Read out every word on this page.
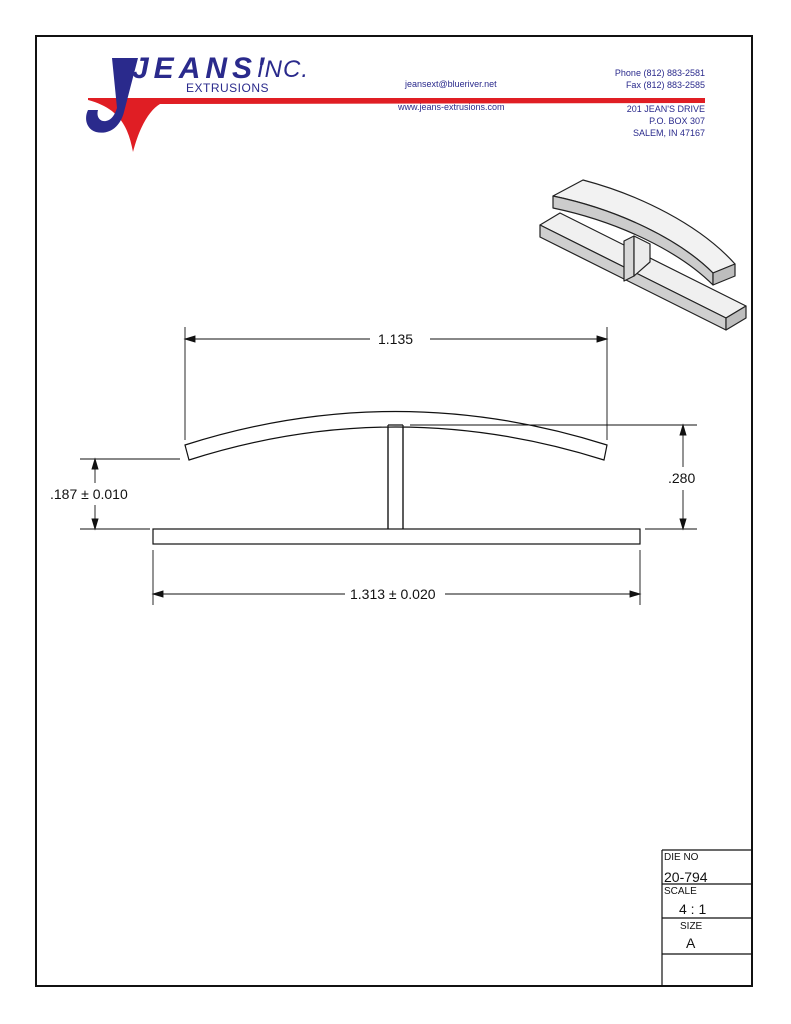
JEANS'
INC.
EXTRUSIONS	jeansext@blueriver.net
www.jeans-extrusions.com
Phone (812) 883-2581
Fax (812) 883-2585
201 JEAN'S DRIVE
P.O. BOX 307
SALEM, IN 47167
1.135
.187 ± 0.010
.280
1.313 ± 0.020
DIE NO
20-794
SCALE
4 : 1
SIZE
A
